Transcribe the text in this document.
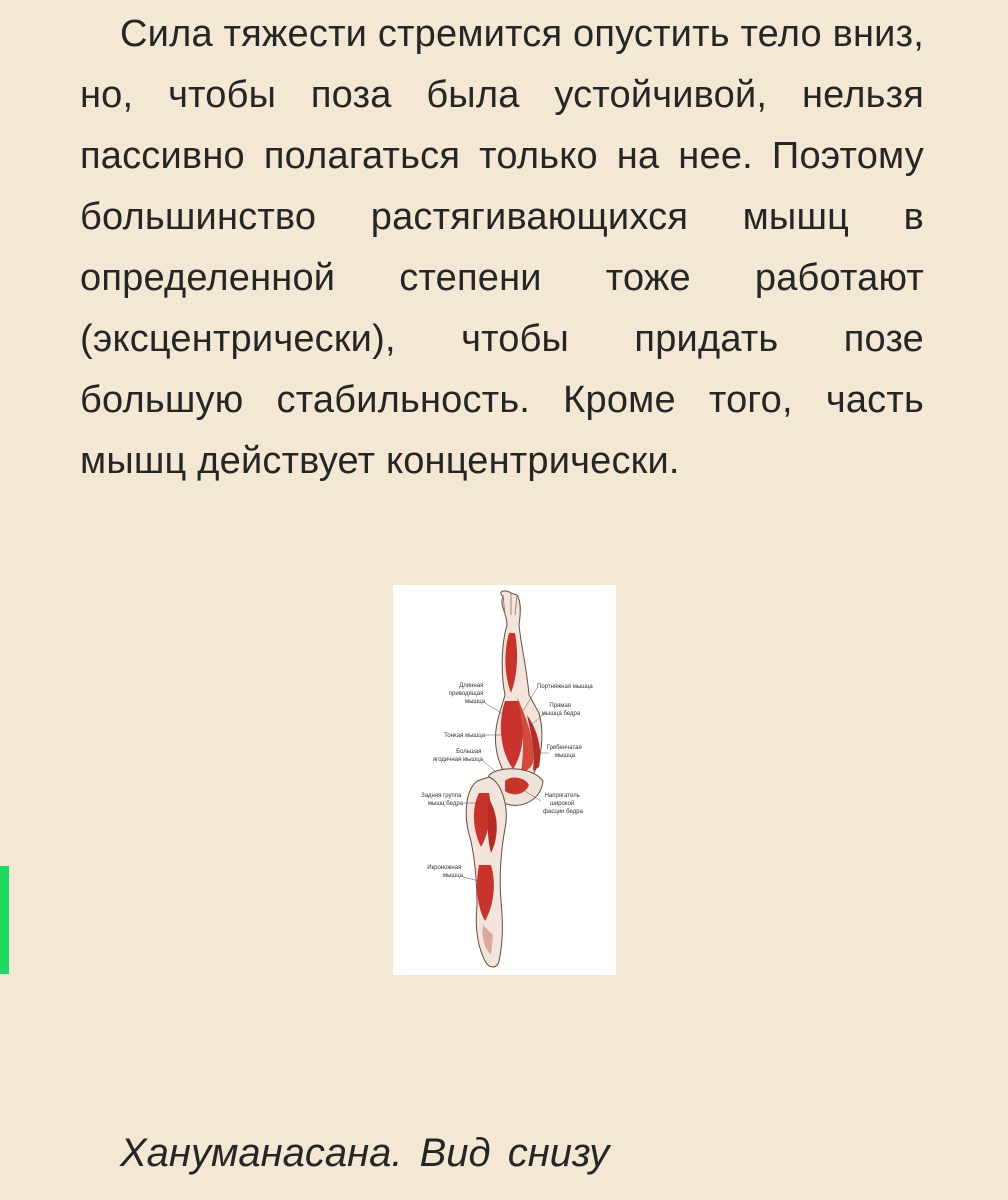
Сила тяжести стремится опустить тело вниз, но, чтобы поза была устойчивой, нельзя пассивно полагаться только на нее. Поэтому большинство растягивающихся мышц в определенной степени тоже работают (эксцентрически), чтобы придать позе большую стабильность. Кроме того, часть мышц действует концентрически.

Длинная приводящая мышца
Тонкая мышца
Большая ягодичная мышца
Задняя группа мышц бедра
Икроножная мышца
Портняжная мышца
Прямая мышца бедра
Гребенчатая мышца
Напрягатель широкой фасции бедра

Хануманасана. Вид снизу
